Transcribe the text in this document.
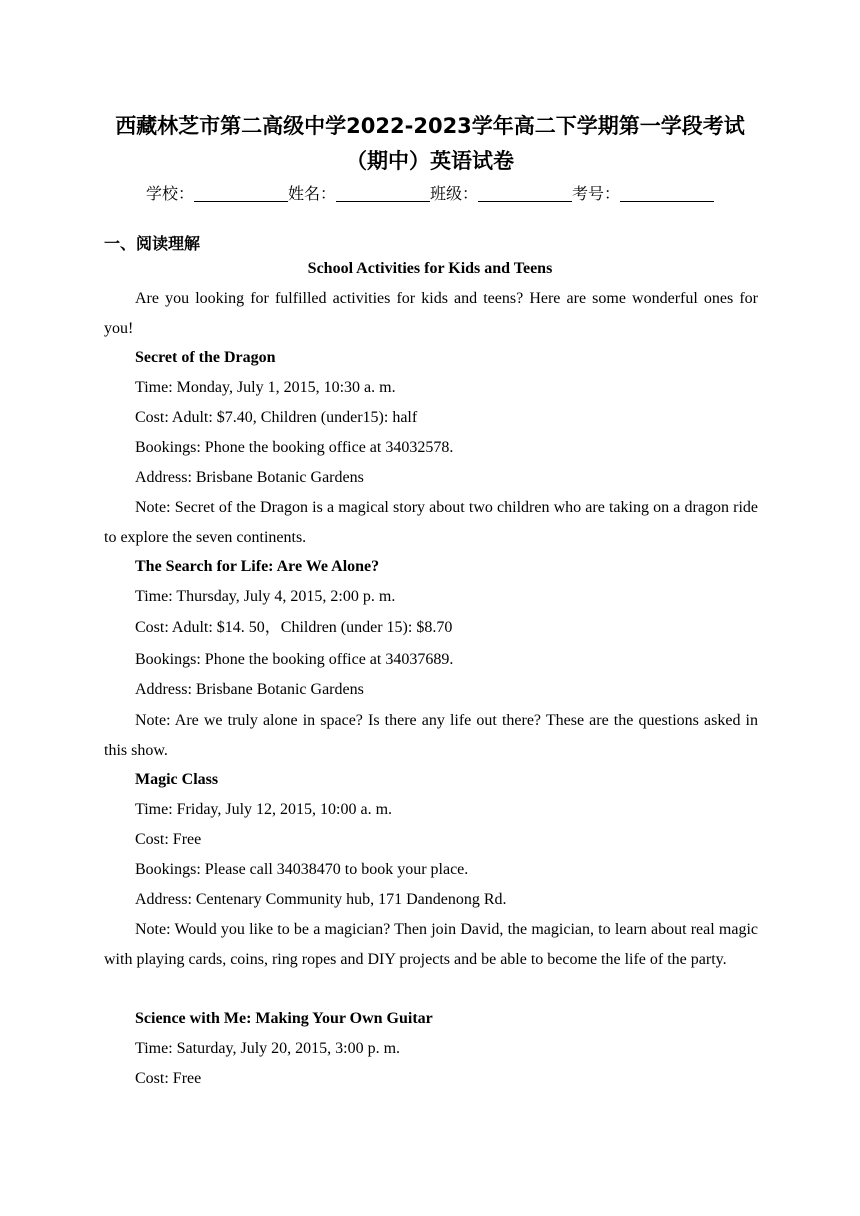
西藏林芝市第二高级中学2022-2023学年高二下学期第一学段考试
（期中）英语试卷
学校：	姓名：	班级：	考号：
一、阅读理解
School Activities for Kids and Teens
Are you looking for fulfilled activities for kids and teens? Here are some wonderful ones for you!
Secret of the Dragon
Time: Monday, July 1, 2015, 10:30 a. m.
Cost: Adult: $7.40, Children (under15): half
Bookings: Phone the booking office at 34032578.
Address: Brisbane Botanic Gardens
Note: Secret of the Dragon is a magical story about two children who are taking on a dragon ride to explore the seven continents.
The Search for Life: Are We Alone?
Time: Thursday, July 4, 2015, 2:00 p. m.
Cost: Adult: $14. 50，Children (under 15): $8.70
Bookings: Phone the booking office at 34037689.
Address: Brisbane Botanic Gardens
Note: Are we truly alone in space? Is there any life out there? These are the questions asked in this show.
Magic Class
Time: Friday, July 12, 2015, 10:00 a. m.
Cost: Free
Bookings: Please call 34038470 to book your place.
Address: Centenary Community hub, 171 Dandenong Rd.
Note: Would you like to be a magician? Then join David, the magician, to learn about real magic with playing cards, coins, ring ropes and DIY projects and be able to become the life of the party.
Science with Me: Making Your Own Guitar
Time: Saturday, July 20, 2015, 3:00 p. m.
Cost: Free
